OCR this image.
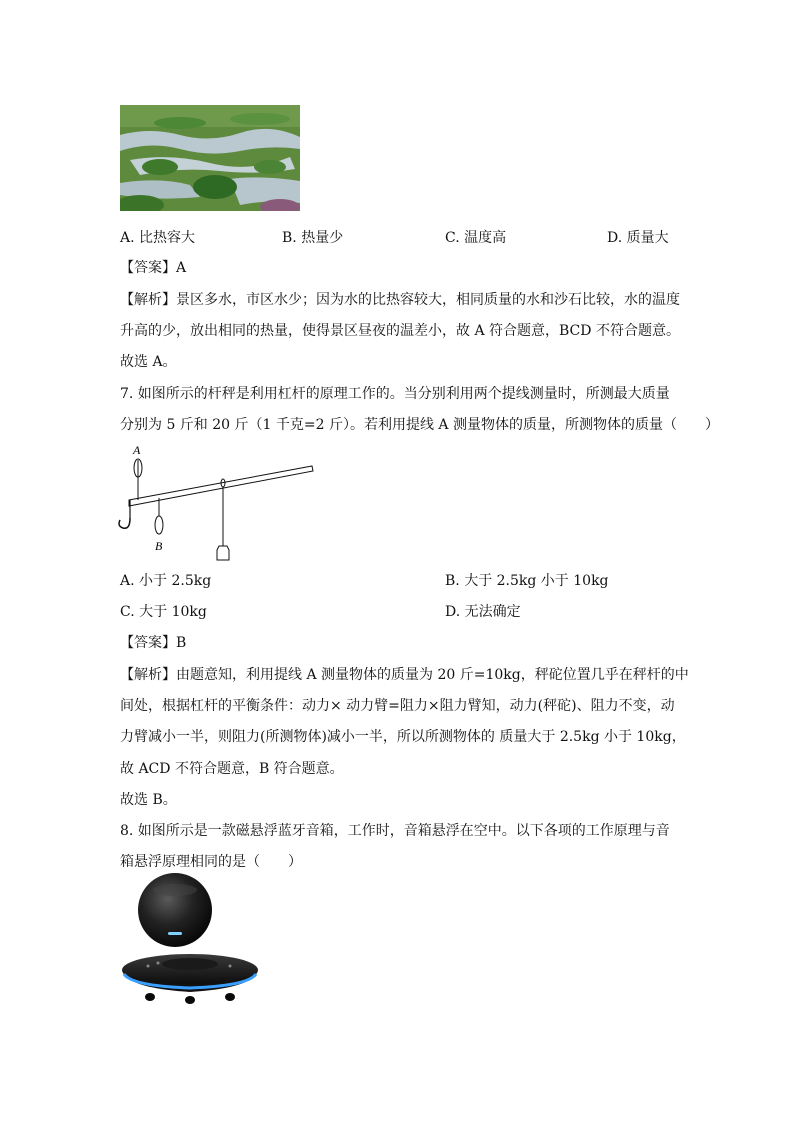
A. 比热容大	B. 热量少	C. 温度高	D. 质量大
【答案】A
【解析】景区多水，市区水少；因为水的比热容较大，相同质量的水和沙石比较，水的温度
升高的少，放出相同的热量，使得景区昼夜的温差小，故 A 符合题意，BCD 不符合题意。
故选 A。
7. 如图所示的杆秤是利用杠杆的原理工作的。当分别利用两个提线测量时，所测最大质量
分别为 5 斤和 20 斤（1 千克=2 斤）。若利用提线 A 测量物体的质量，所测物体的质量（　　）
A
B
A. 小于 2.5kg	B. 大于 2.5kg 小于 10kg
C. 大于 10kg	D. 无法确定
【答案】B
【解析】由题意知，利用提线 A 测量物体的质量为 20 斤=10kg，秤砣位置几乎在秤杆的中
间处，根据杠杆的平衡条件：动力× 动力臂=阻力×阻力臂知，动力(秤砣)、阻力不变，动
力臂减小一半，则阻力(所测物体)减小一半，所以所测物体的 质量大于 2.5kg 小于 10kg，
故 ACD 不符合题意，B 符合题意。
故选 B。
8. 如图所示是一款磁悬浮蓝牙音箱，工作时，音箱悬浮在空中。以下各项的工作原理与音
箱悬浮原理相同的是（　　）
